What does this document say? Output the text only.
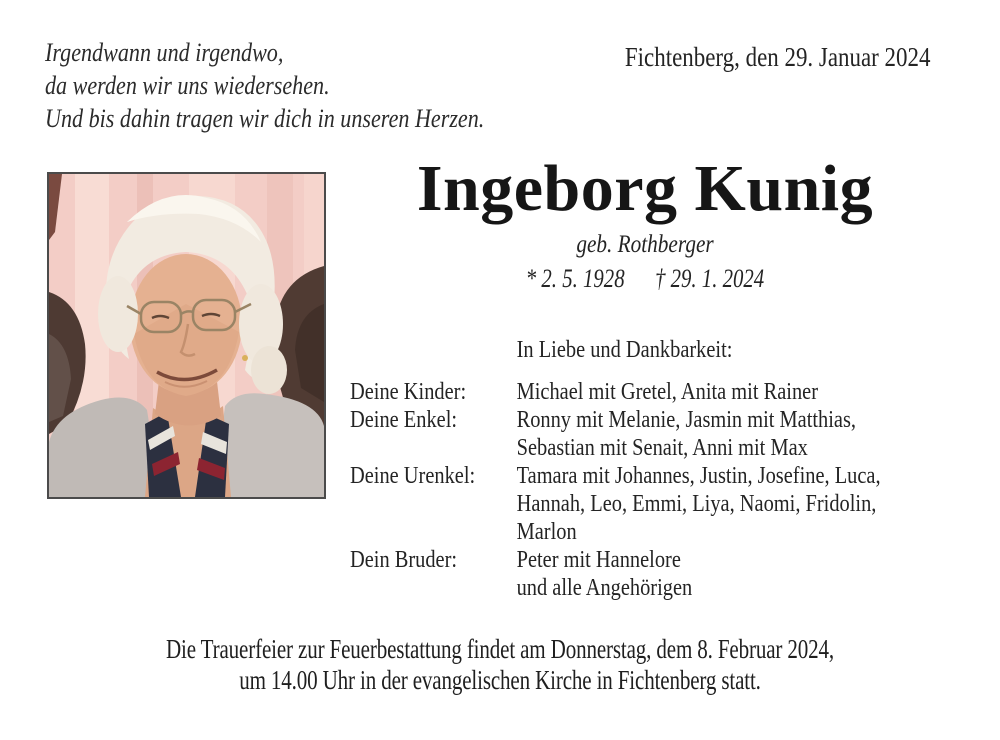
Irgendwann und irgendwo,
da werden wir uns wiedersehen.
Und bis dahin tragen wir dich in unseren Herzen.
Fichtenberg, den 29. Januar 2024
Ingeborg Kunig
geb. Rothberger
* 2. 5. 1928 † 29. 1. 2024
In Liebe und Dankbarkeit:
Deine Kinder:	Michael mit Gretel, Anita mit Rainer
Deine Enkel:	Ronny mit Melanie, Jasmin mit Matthias,
Sebastian mit Senait, Anni mit Max
Deine Urenkel:	Tamara mit Johannes, Justin, Josefine, Luca,
Hannah, Leo, Emmi, Liya, Naomi, Fridolin,
Marlon
Dein Bruder:	Peter mit Hannelore
und alle Angehörigen
Die Trauerfeier zur Feuerbestattung findet am Donnerstag, dem 8. Februar 2024,
um 14.00 Uhr in der evangelischen Kirche in Fichtenberg statt.
